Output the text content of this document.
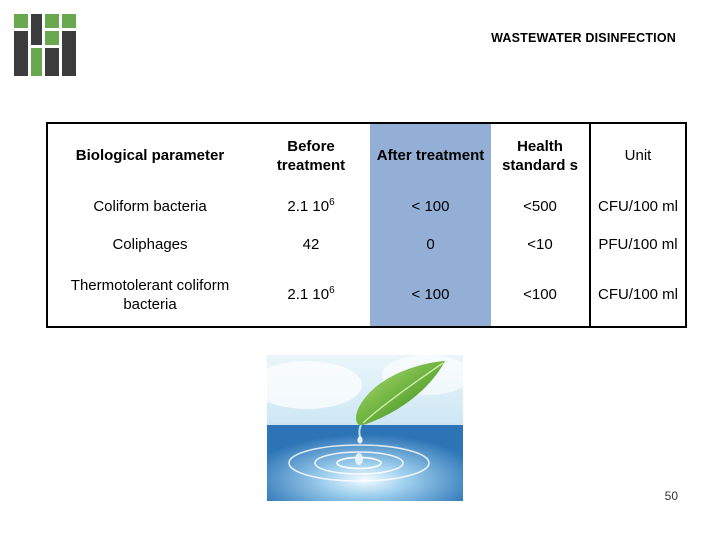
WASTEWATER DISINFECTION
Biological parameter	Before treatment	After treatment	Health standard s	Unit
Coliform bacteria	2.1 $10^6$	< 100	<500	CFU/100 ml
Coliphages	42	0	<10	PFU/100 ml
Thermotolerant coliform bacteria	2.1 $10^6$	< 100	<100	CFU/100 ml
50
